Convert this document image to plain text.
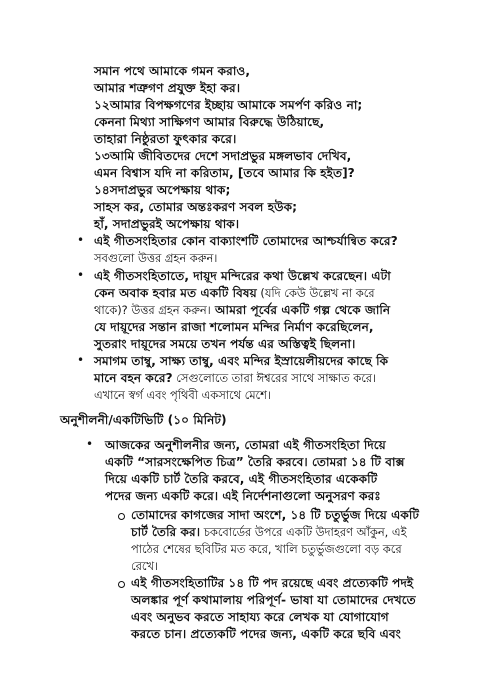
সমান পথে আমাকে গমন করাও,
আমার শত্রুগণ প্রযুক্ত ইহা কর।
১২আমার বিপক্ষগণের ইচ্ছায় আমাকে সমর্পণ করিও না;
কেননা মিথ্যা সাক্ষিগণ আমার বিরুদ্ধে উঠিয়াছে,
তাহারা নিষ্ঠুরতা ফুৎকার করে।
১৩আমি জীবিতদের দেশে সদাপ্রভুর মঙ্গলভাব দেখিব,
এমন বিশ্বাস যদি না করিতাম, [তবে আমার কি হইত]?
১৪সদাপ্রভুর অপেক্ষায় থাক;
সাহস কর, তোমার অন্তঃকরণ সবল হউক;
হাঁ, সদাপ্রভুরই অপেক্ষায় থাক।
• এই গীতসংহিতার কোন বাক্যাংশটি তোমাদের আশ্চর্যান্বিত করে?
সবগুলো উত্তর গ্রহন করুন।
• এই গীতসংহিতাতে, দায়ূদ মন্দিরের কথা উল্লেখ করেছেন। এটা
কেন অবাক হবার মত একটি বিষয় (যদি কেউ উল্লেখ না করে
থাকে)? উত্তর গ্রহন করুন। আমরা পূর্বের একটি গল্প থেকে জানি
যে দায়ূদের সন্তান রাজা শলোমন মন্দির নির্মাণ করেছিলেন,
সুতরাং দায়ূদের সময়ে তখন পর্যন্ত এর অস্তিত্বই ছিলনা।
• সমাগম তাম্বু, সাক্ষ্য তাম্বু, এবং মন্দির ইস্রায়েলীয়দের কাছে কি
মানে বহন করে? সেগুলোতে তারা ঈশ্বরের সাথে সাক্ষাত করে।
এখানে স্বর্গ এবং পৃথিবী একসাথে মেশে।
অনুশীলনী/একটিভিটি (১০ মিনিট)
• আজকের অনুশীলনীর জন্য, তোমরা এই গীতসংহিতা দিয়ে
একটি “সারসংক্ষেপিত চিত্র” তৈরি করবে। তোমরা ১৪ টি বাক্স
দিয়ে একটি চার্ট তৈরি করবে, এই গীতসংহিতার একেকটি
পদের জন্য একটি করে। এই নির্দেশনাগুলো অনুসরণ করঃ
তোমাদের কাগজের সাদা অংশে, ১৪ টি চতুর্ভুজ দিয়ে একটি
চার্ট তৈরি কর। চকবোর্ডের উপরে একটি উদাহরণ আঁকুন, এই
পাঠের শেষের ছবিটির মত করে, খালি চতুর্ভুজগুলো বড় করে
রেখে।
এই গীতসংহিতাটির ১৪ টি পদ রয়েছে এবং প্রত্যেকটি পদই
অলঙ্কার পূর্ণ কথামালায় পরিপূর্ণ- ভাষা যা তোমাদের দেখতে
এবং অনুভব করতে সাহায্য করে লেখক যা যোগাযোগ
করতে চান। প্রত্যেকটি পদের জন্য, একটি করে ছবি এবং
